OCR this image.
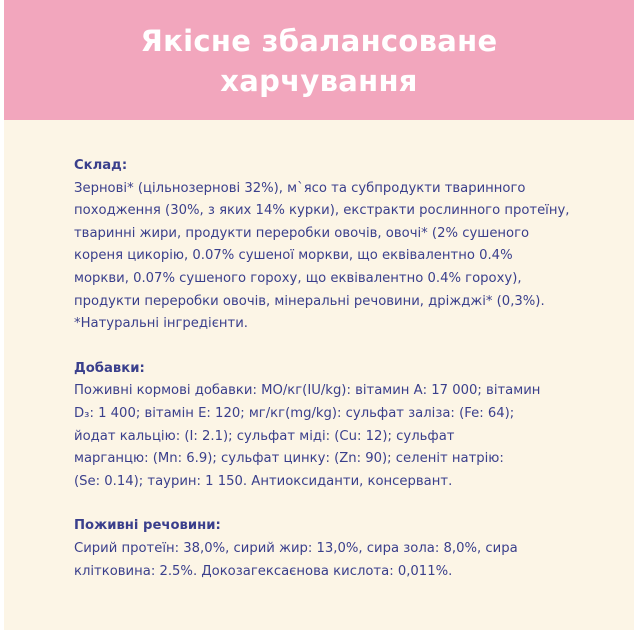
Якісне збалансоване
харчування
Склад:
Зернові* (цільнозернові 32%), м`ясо та субпродукти тваринного
походження (30%, з яких 14% курки), екстракти рослинного протеїну,
тваринні жири, продукти переробки овочів, овочі* (2% сушеного
кореня цикорію, 0.07% сушеної моркви, що еквівалентно 0.4%
моркви, 0.07% сушеного гороху, що еквівалентно 0.4% гороху),
продукти переробки овочів, мінеральні речовини, дріжджі* (0,3%).
*Натуральні інгредієнти.
Добавки:
Поживні кормові добавки: МО/кг(IU/kg): вітамин А: 17 000; вітамин
D₃: 1 400; вітамін Е: 120; мг/кг(mg/kg): сульфат заліза: (Fe: 64);
йодат кальцію: (I: 2.1); сульфат міді: (Cu: 12); сульфат
марганцю: (Mn: 6.9); сульфат цинку: (Zn: 90); селеніт натрію:
(Se: 0.14); таурин: 1 150. Антиоксиданти, консервант.
Поживні речовини:
Сирий протеїн: 38,0%, сирий жир: 13,0%, сира зола: 8,0%, сира
клітковина: 2.5%. Докозагексаєнова кислота: 0,011%.
